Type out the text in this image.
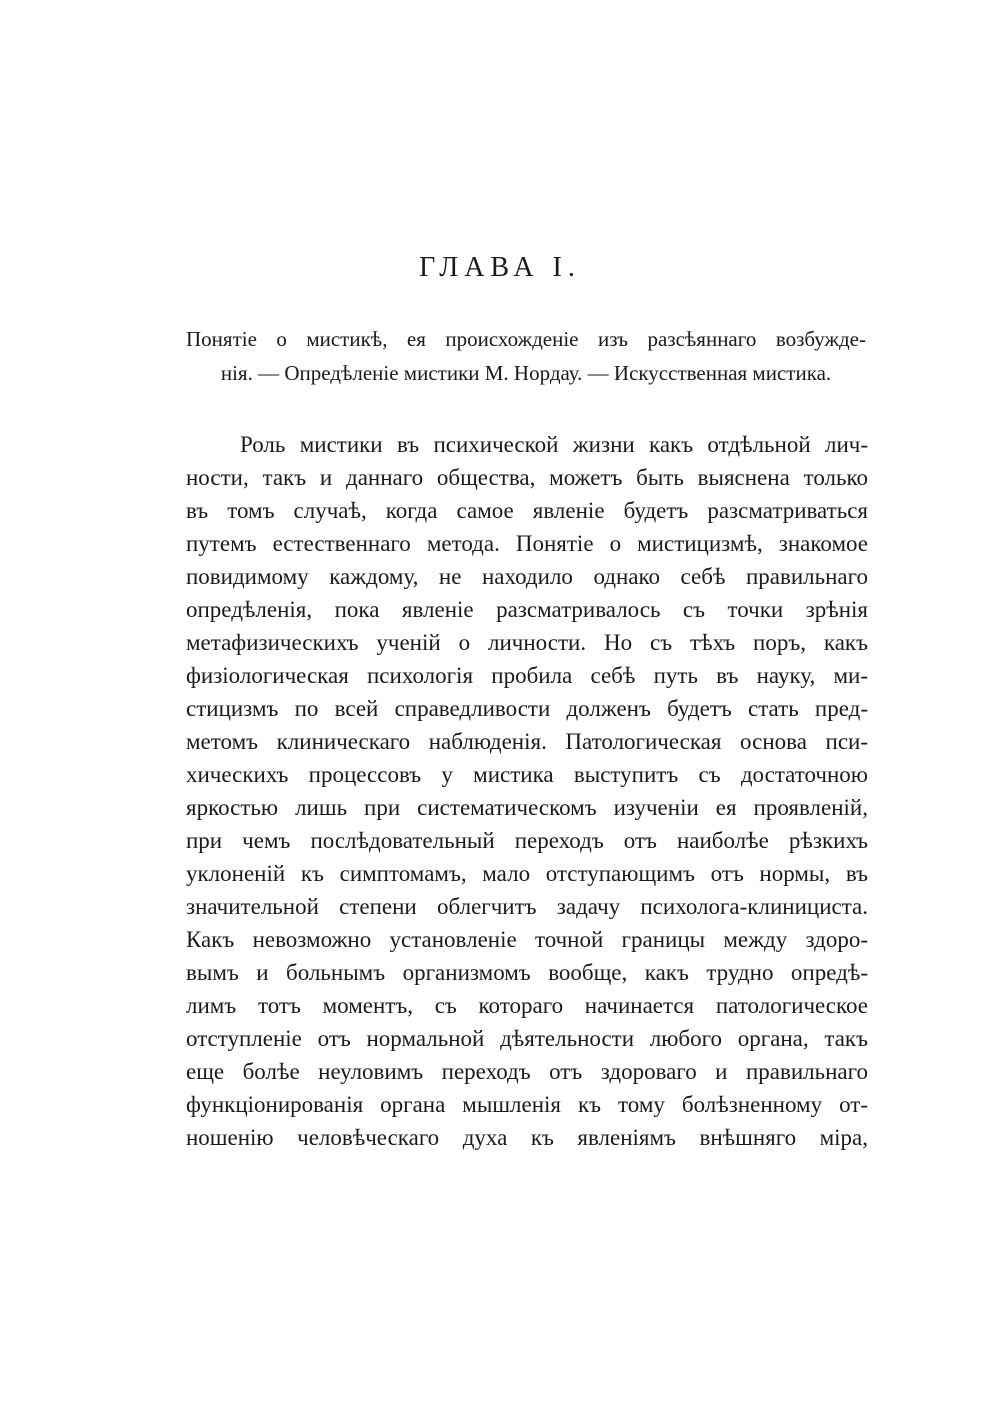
ГЛАВА I.
Понятіе о мистикѣ, ея происхожденіе изъ разсѣяннаго возбужде-
нія. — Опредѣленіе мистики М. Нордау. — Искусственная мистика.
Роль мистики въ психической жизни какъ отдѣльной лич-
ности, такъ и даннаго общества, можетъ быть выяснена только
въ томъ случаѣ, когда самое явленіе будетъ разсматриваться
путемъ естественнаго метода. Понятіе о мистицизмѣ, знакомое
повидимому каждому, не находило однако себѣ правильнаго
опредѣленія, пока явленіе разсматривалось съ точки зрѣнія
метафизическихъ ученій о личности. Но съ тѣхъ поръ, какъ
физіологическая психологія пробила себѣ путь въ науку, ми-
стицизмъ по всей справедливости долженъ будетъ стать пред-
метомъ клиническаго наблюденія. Патологическая основа пси-
хическихъ процессовъ у мистика выступитъ съ достаточною
яркостью лишь при систематическомъ изученіи ея проявленій,
при чемъ послѣдовательный переходъ отъ наиболѣе рѣзкихъ
уклоненій къ симптомамъ, мало отступающимъ отъ нормы, въ
значительной степени облегчитъ задачу психолога-клинициста.
Какъ невозможно установленіе точной границы между здоро-
вымъ и больнымъ организмомъ вообще, какъ трудно опредѣ-
лимъ тотъ моментъ, съ котораго начинается патологическое
отступленіе отъ нормальной дѣятельности любого органа, такъ
еще болѣе неуловимъ переходъ отъ здороваго и правильнаго
функціонированія органа мышленія къ тому болѣзненному от-
ношенію человѣческаго духа къ явленіямъ внѣшняго міра,
